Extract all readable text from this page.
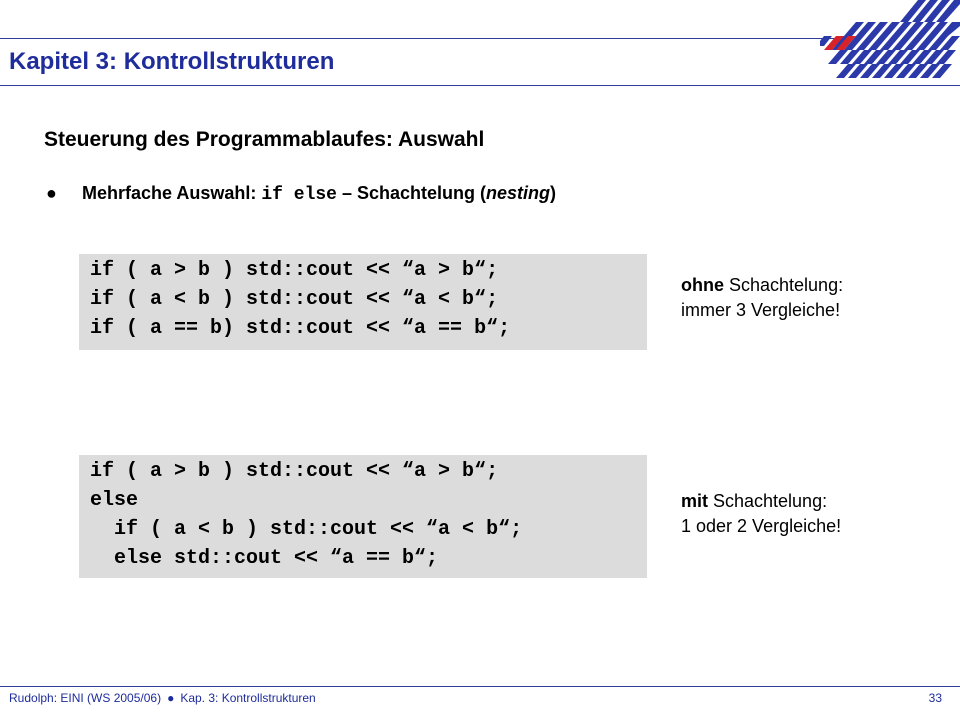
Kapitel 3: Kontrollstrukturen
Steuerung des Programmablaufes: Auswahl
● Mehrfache Auswahl: if else – Schachtelung (nesting)
if ( a > b ) std::cout << “a > b“;
if ( a < b ) std::cout << “a < b“;
if ( a == b) std::cout << “a == b“;
ohne Schachtelung:
immer 3 Vergleiche!
if ( a > b ) std::cout << “a > b“;
else
if ( a < b ) std::cout << “a < b“;
else std::cout << “a == b“;
mit Schachtelung:
1 oder 2 Vergleiche!
Rudolph: EINI (WS 2005/06) ● Kap. 3: Kontrollstrukturen	33
